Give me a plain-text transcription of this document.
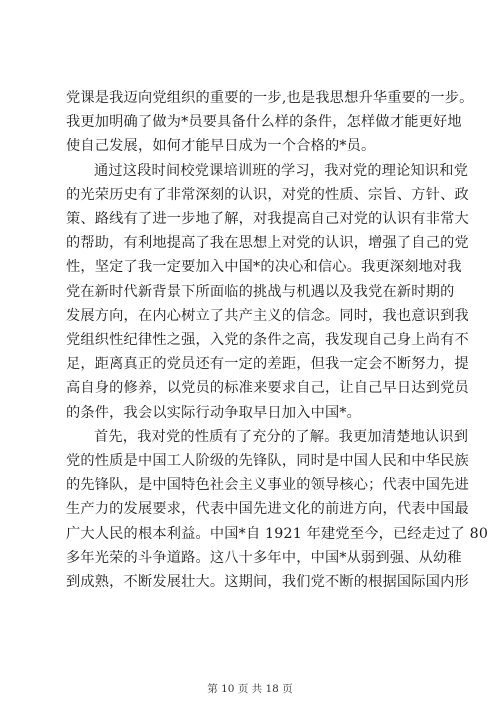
党课是我迈向党组织的重要的一步,也是我思想升华重要的一步。
我更加明确了做为*员要具备什么样的条件，怎样做才能更好地
使自己发展，如何才能早日成为一个合格的*员。

通过这段时间校党课培训班的学习，我对党的理论知识和党
的光荣历史有了非常深刻的认识，对党的性质、宗旨、方针、政
策、路线有了进一步地了解，对我提高自己对党的认识有非常大
的帮助，有利地提高了我在思想上对党的认识，增强了自己的党
性，坚定了我一定要加入中国*的决心和信心。我更深刻地对我
党在新时代新背景下所面临的挑战与机遇以及我党在新时期的
发展方向，在内心树立了共产主义的信念。同时，我也意识到我
党组织性纪律性之强，入党的条件之高，我发现自己身上尚有不
足，距离真正的党员还有一定的差距，但我一定会不断努力，提
高自身的修养，以党员的标准来要求自己，让自己早日达到党员
的条件，我会以实际行动争取早日加入中国*。

首先，我对党的性质有了充分的了解。我更加清楚地认识到
党的性质是中国工人阶级的先锋队，同时是中国人民和中华民族
的先锋队，是中国特色社会主义事业的领导核心；代表中国先进
生产力的发展要求，代表中国先进文化的前进方向，代表中国最
广大人民的根本利益。中国*自 1921 年建党至今，已经走过了 80
多年光荣的斗争道路。这八十多年中，中国*从弱到强、从幼稚
到成熟，不断发展壮大。这期间，我们党不断的根据国际国内形

第 10 页 共 18 页
